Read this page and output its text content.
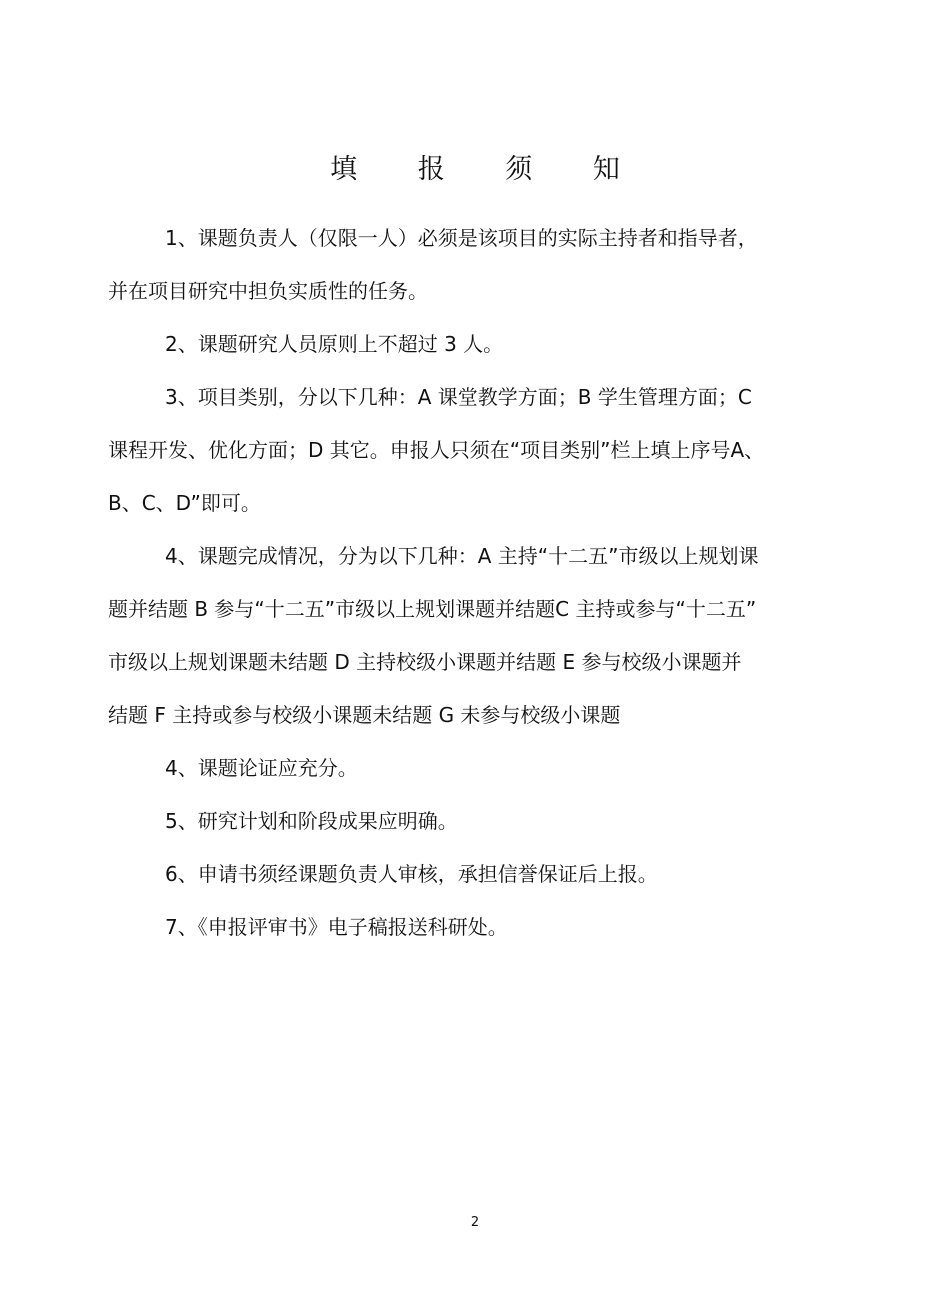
填 报 须 知

1、课题负责人（仅限一人）必须是该项目的实际主持者和指导者，
并在项目研究中担负实质性的任务。

2、课题研究人员原则上不超过 3 人。

3、项目类别，分以下几种：A 课堂教学方面；B 学生管理方面；C
课程开发、优化方面；D 其它。申报人只须在“项目类别”栏上填上序号A、
B、C、D”即可。

4、课题完成情况，分为以下几种：A 主持“十二五”市级以上规划课
题并结题 B 参与“十二五”市级以上规划课题并结题C 主持或参与“十二五”
市级以上规划课题未结题 D 主持校级小课题并结题 E 参与校级小课题并
结题 F 主持或参与校级小课题未结题 G 未参与校级小课题

4、课题论证应充分。

5、研究计划和阶段成果应明确。

6、申请书须经课题负责人审核，承担信誉保证后上报。

7、《申报评审书》电子稿报送科研处。

2
